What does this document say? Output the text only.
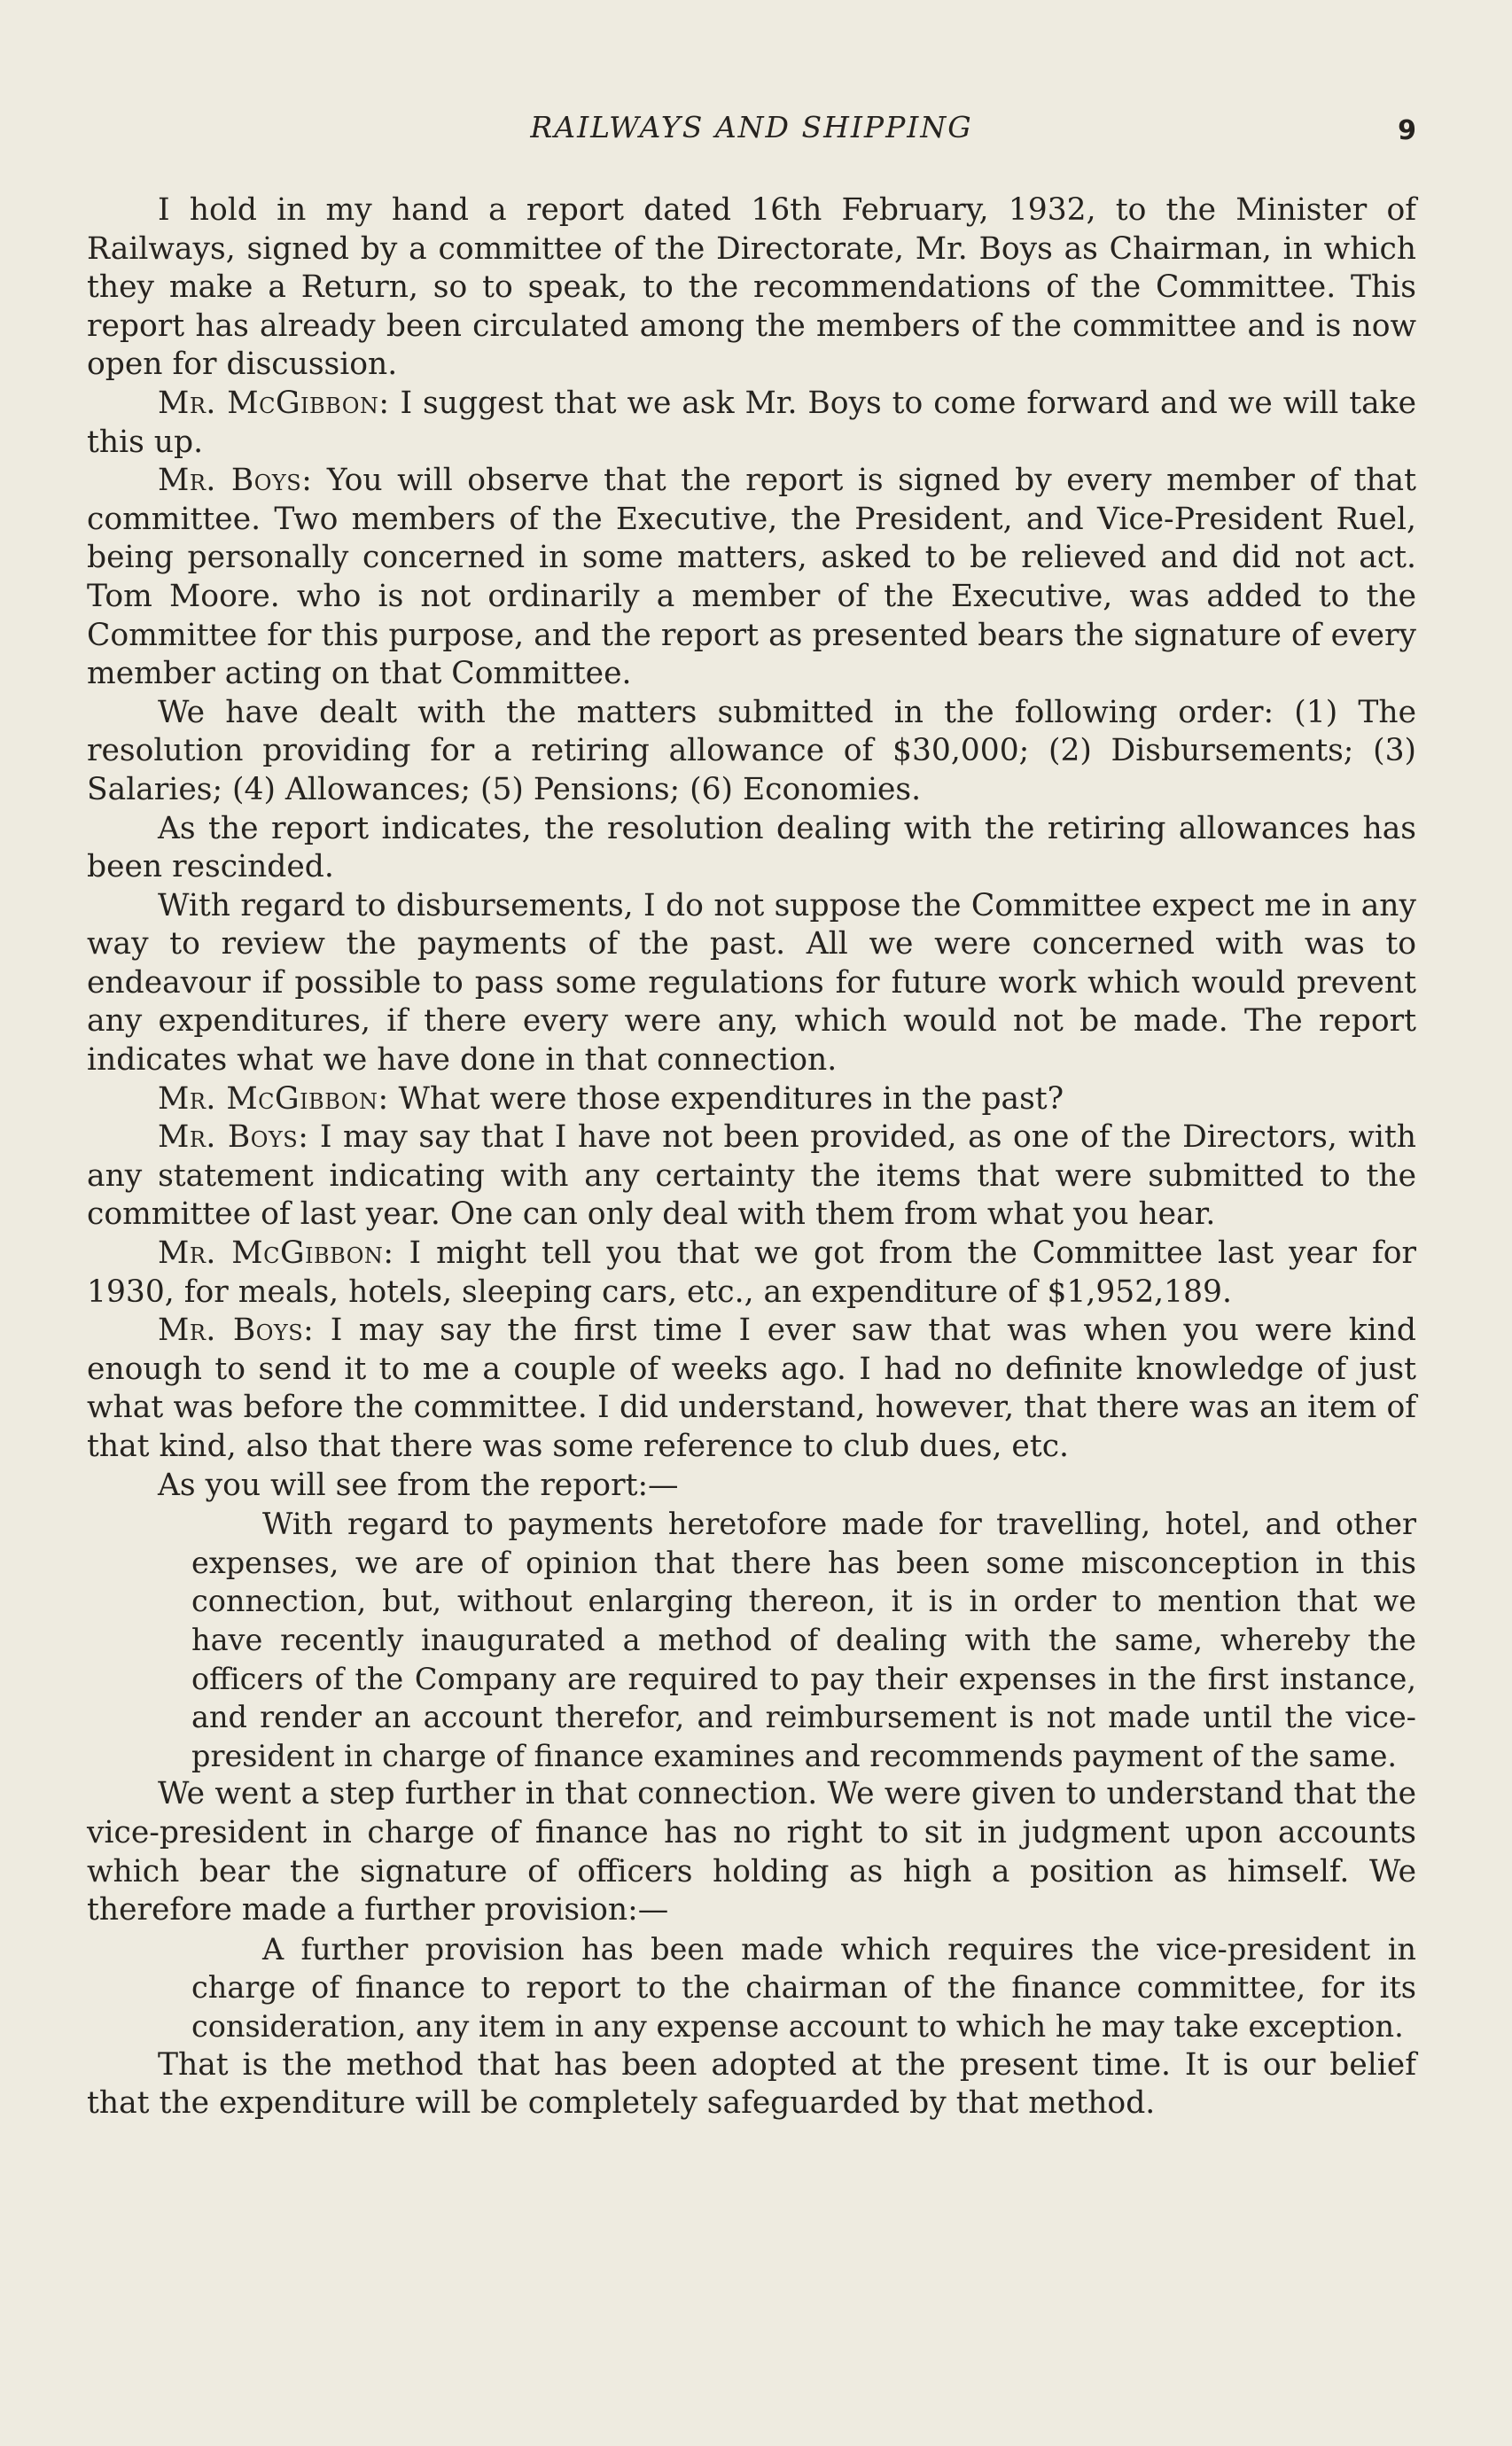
RAILWAYS AND SHIPPING	9

I hold in my hand a report dated 16th February, 1932, to the Minister of Railways, signed by a committee of the Directorate, Mr. Boys as Chairman, in which they make a Return, so to speak, to the recommendations of the Committee. This report has already been circulated among the members of the committee and is now open for discussion.

Mr. McGibbon: I suggest that we ask Mr. Boys to come forward and we will take this up.

Mr. Boys: You will observe that the report is signed by every member of that committee. Two members of the Executive, the President, and Vice-President Ruel, being personally concerned in some matters, asked to be relieved and did not act. Tom Moore. who is not ordinarily a member of the Executive, was added to the Committee for this purpose, and the report as presented bears the signature of every member acting on that Committee.

We have dealt with the matters submitted in the following order: (1) The resolution providing for a retiring allowance of $30,000; (2) Disbursements; (3) Salaries; (4) Allowances; (5) Pensions; (6) Economies.

As the report indicates, the resolution dealing with the retiring allowances has been rescinded.

With regard to disbursements, I do not suppose the Committee expect me in any way to review the payments of the past. All we were concerned with was to endeavour if possible to pass some regulations for future work which would prevent any expenditures, if there every were any, which would not be made. The report indicates what we have done in that connection.

Mr. McGibbon: What were those expenditures in the past?

Mr. Boys: I may say that I have not been provided, as one of the Directors, with any statement indicating with any certainty the items that were submitted to the committee of last year. One can only deal with them from what you hear.

Mr. McGibbon: I might tell you that we got from the Committee last year for 1930, for meals, hotels, sleeping cars, etc., an expenditure of $1,952,189.

Mr. Boys: I may say the first time I ever saw that was when you were kind enough to send it to me a couple of weeks ago. I had no definite knowledge of just what was before the committee. I did understand, however, that there was an item of that kind, also that there was some reference to club dues, etc.

As you will see from the report:—

With regard to payments heretofore made for travelling, hotel, and other expenses, we are of opinion that there has been some misconception in this connection, but, without enlarging thereon, it is in order to mention that we have recently inaugurated a method of dealing with the same, whereby the officers of the Company are required to pay their expenses in the first instance, and render an account therefor, and reimbursement is not made until the vice-president in charge of finance examines and recommends payment of the same.

We went a step further in that connection. We were given to understand that the vice-president in charge of finance has no right to sit in judgment upon accounts which bear the signature of officers holding as high a position as himself. We therefore made a further provision:—

A further provision has been made which requires the vice-president in charge of finance to report to the chairman of the finance committee, for its consideration, any item in any expense account to which he may take exception.

That is the method that has been adopted at the present time. It is our belief that the expenditure will be completely safeguarded by that method.
